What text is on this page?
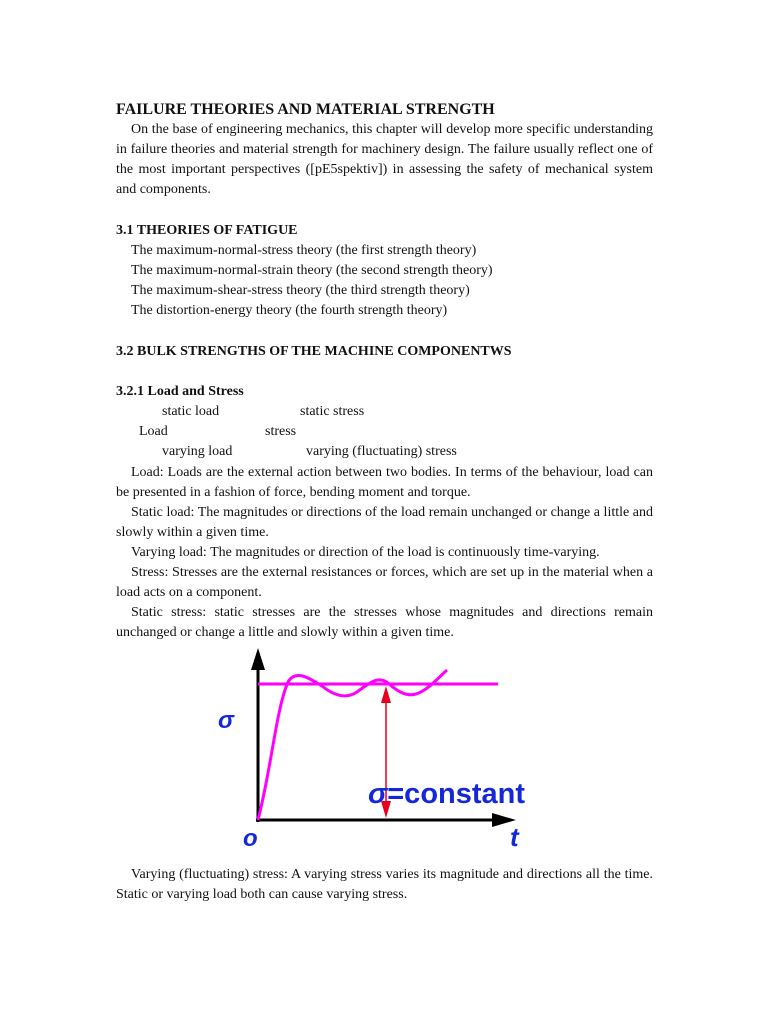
FAILURE THEORIES AND MATERIAL STRENGTH
On the base of engineering mechanics, this chapter will develop more specific understanding in failure theories and material strength for machinery design. The failure usually reflect one of the most important perspectives ([pE5spektiv]) in assessing the safety of mechanical system and components.
3.1 THEORIES OF FATIGUE
The maximum-normal-stress theory (the first strength theory)
The maximum-normal-strain theory (the second strength theory)
The maximum-shear-stress theory (the third strength theory)
The distortion-energy theory (the fourth strength theory)
3.2 BULK STRENGTHS OF THE MACHINE COMPONENTWS
3.2.1 Load and Stress
static load	static stress
Load	stress
varying load	varying (fluctuating) stress
Load: Loads are the external action between two bodies. In terms of the behaviour, load can be presented in a fashion of force, bending moment and torque.
Static load: The magnitudes or directions of the load remain unchanged or change a little and slowly within a given time.
Varying load: The magnitudes or direction of the load is continuously time-varying.
Stress: Stresses are the external resistances or forces, which are set up in the material when a load acts on a component.
Static stress: static stresses are the stresses whose magnitudes and directions remain unchanged or change a little and slowly within a given time.
σ
o	t
σ=constant
Varying (fluctuating) stress: A varying stress varies its magnitude and directions all the time. Static or varying load both can cause varying stress.
